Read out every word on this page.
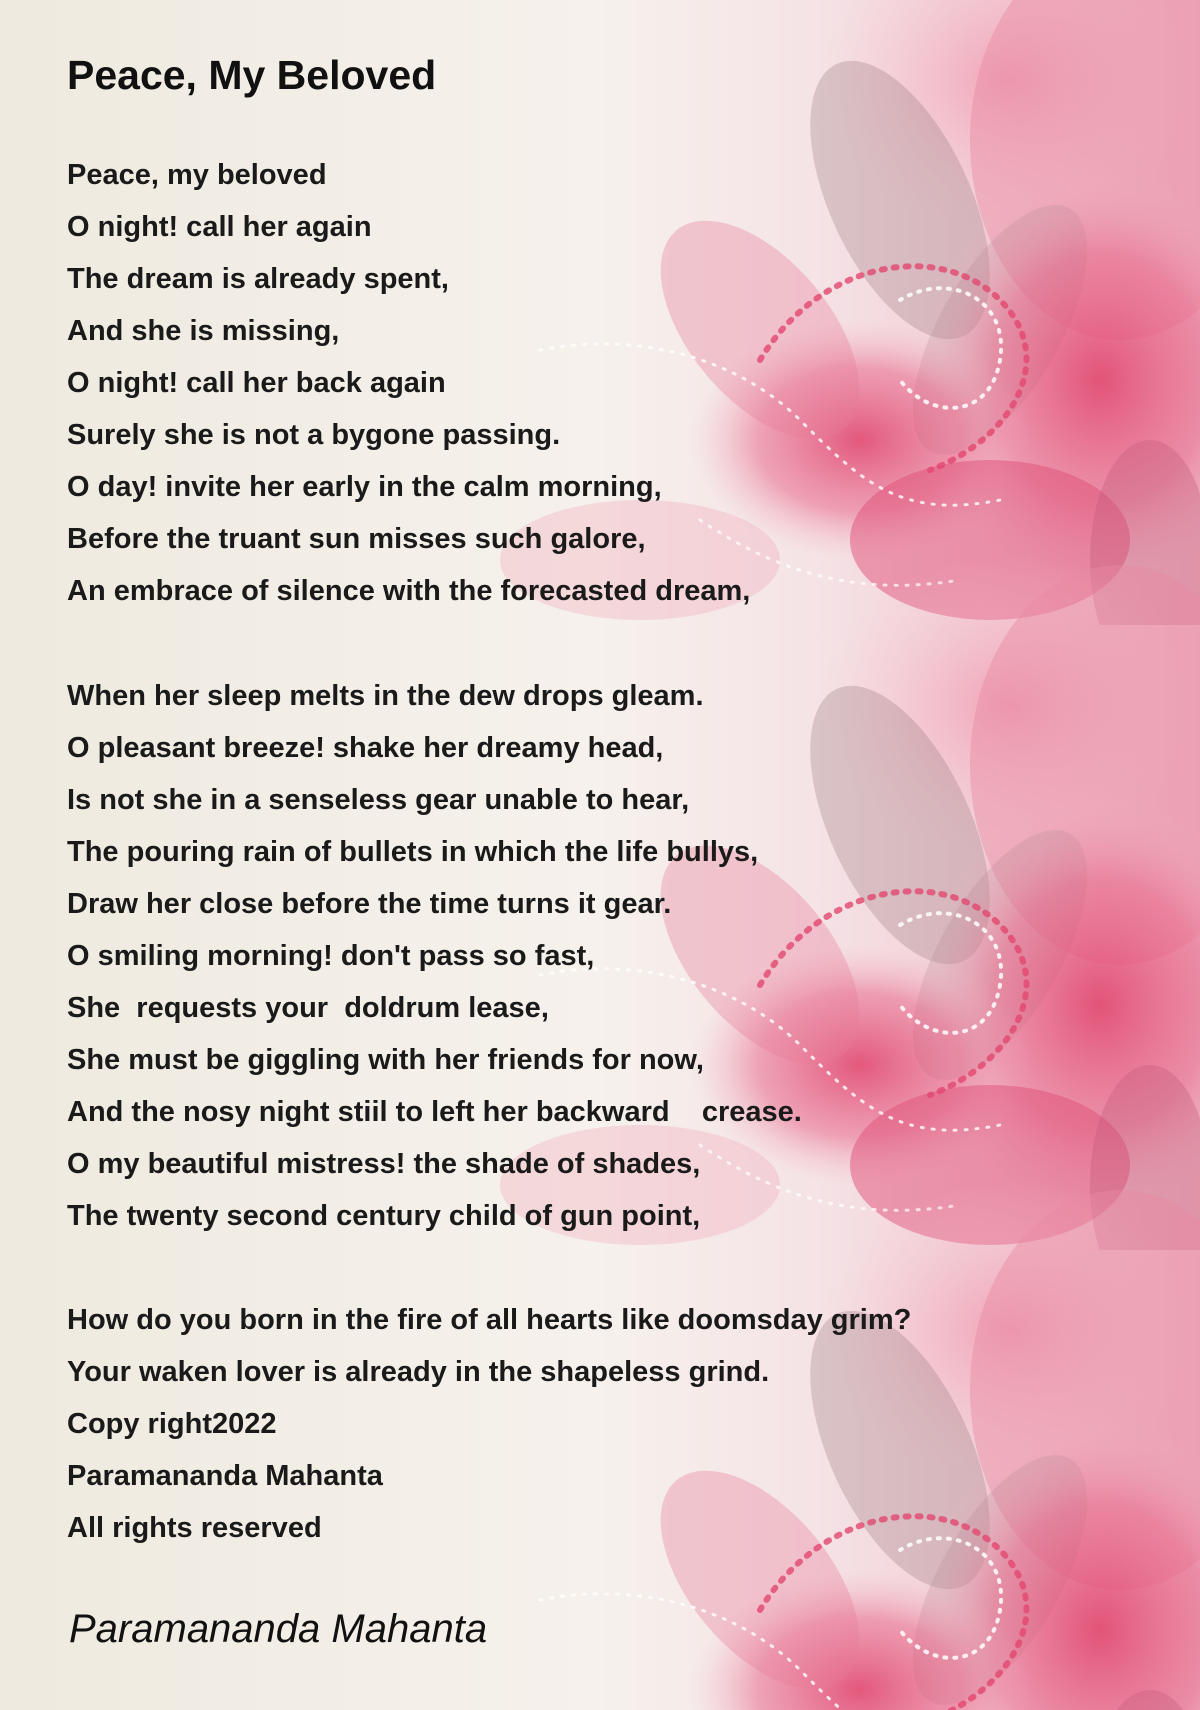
Peace, My Beloved
Peace, my beloved
O night! call her again
The dream is already spent,
And she is missing,
O night! call her back again
Surely she is not a bygone passing.
O day! invite her early in the calm morning,
Before the truant sun misses such galore,
An embrace of silence with the forecasted dream,
When her sleep melts in the dew drops gleam.
O pleasant breeze! shake her dreamy head,
Is not she in a senseless gear unable to hear,
The pouring rain of bullets in which the life bullys,
Draw her close before the time turns it gear.
O smiling morning! don't pass so fast,
She  requests your  doldrum lease,
She must be giggling with her friends for now,
And the nosy night stiil to left her backward    crease.
O my beautiful mistress! the shade of shades,
The twenty second century child of gun point,
How do you born in the fire of all hearts like doomsday grim?
Your waken lover is already in the shapeless grind.
Copy right2022
Paramananda Mahanta
All rights reserved
Paramananda Mahanta
